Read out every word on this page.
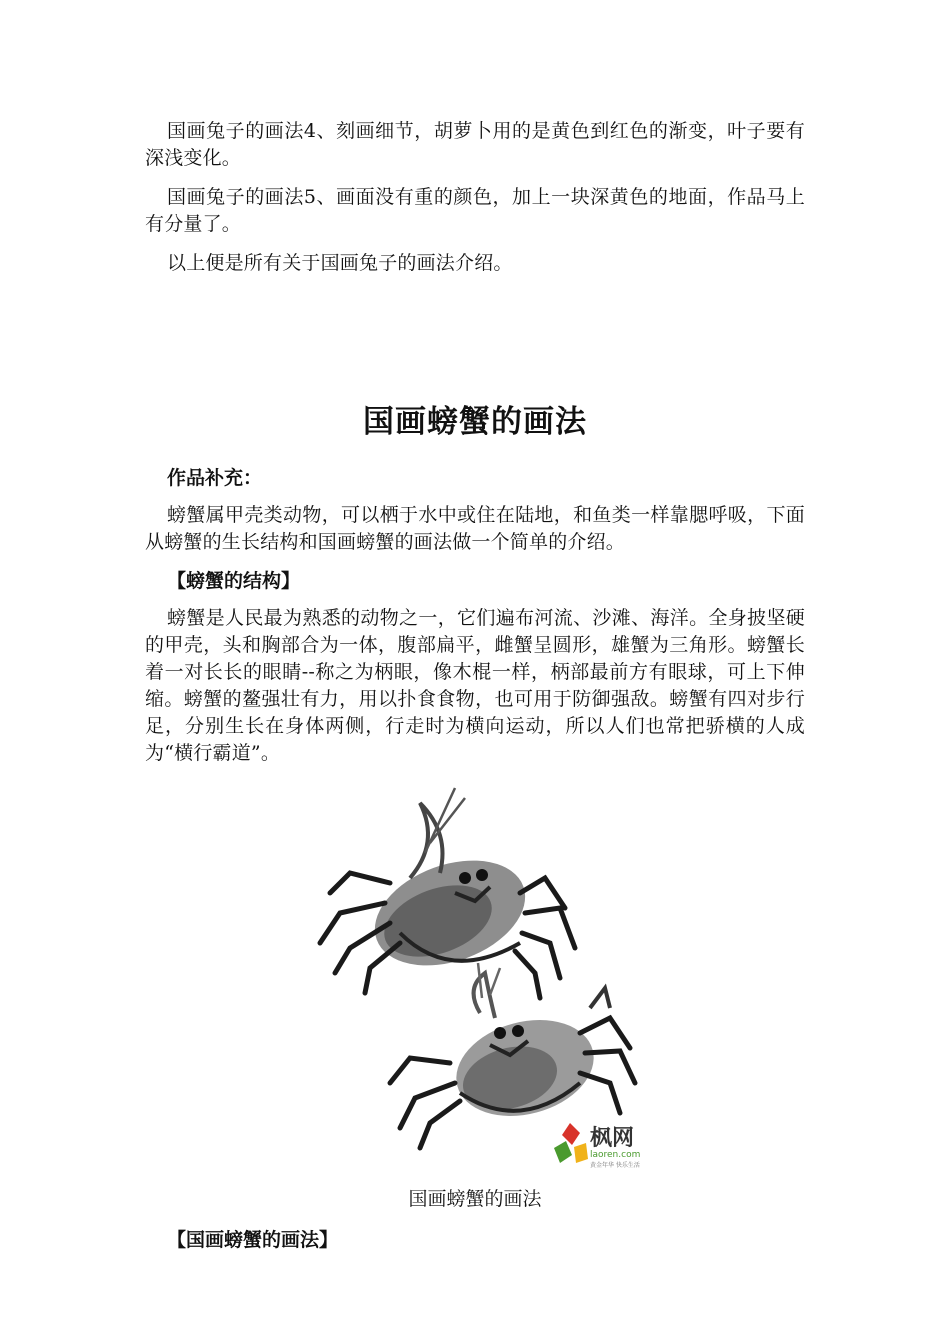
国画兔子的画法4、刻画细节，胡萝卜用的是黄色到红色的渐变，叶子要有深浅变化。

国画兔子的画法5、画面没有重的颜色，加上一块深黄色的地面，作品马上有分量了。

以上便是所有关于国画兔子的画法介绍。

国画螃蟹的画法
作品补充：

螃蟹属甲壳类动物，可以栖于水中或住在陆地，和鱼类一样靠腮呼吸，下面从螃蟹的生长结构和国画螃蟹的画法做一个简单的介绍。

【螃蟹的结构】

螃蟹是人民最为熟悉的动物之一，它们遍布河流、沙滩、海洋。全身披坚硬的甲壳，头和胸部合为一体，腹部扁平，雌蟹呈圆形，雄蟹为三角形。螃蟹长着一对长长的眼睛--称之为柄眼，像木棍一样，柄部最前方有眼球，可上下伸缩。螃蟹的鳌强壮有力，用以扑食食物，也可用于防御强敌。螃蟹有四对步行足，分别生长在身体两侧，行走时为横向运动，所以人们也常把骄横的人成为“横行霸道”。

枫网
laoren.com
黄金年华 快乐生活
国画螃蟹的画法
【国画螃蟹的画法】
